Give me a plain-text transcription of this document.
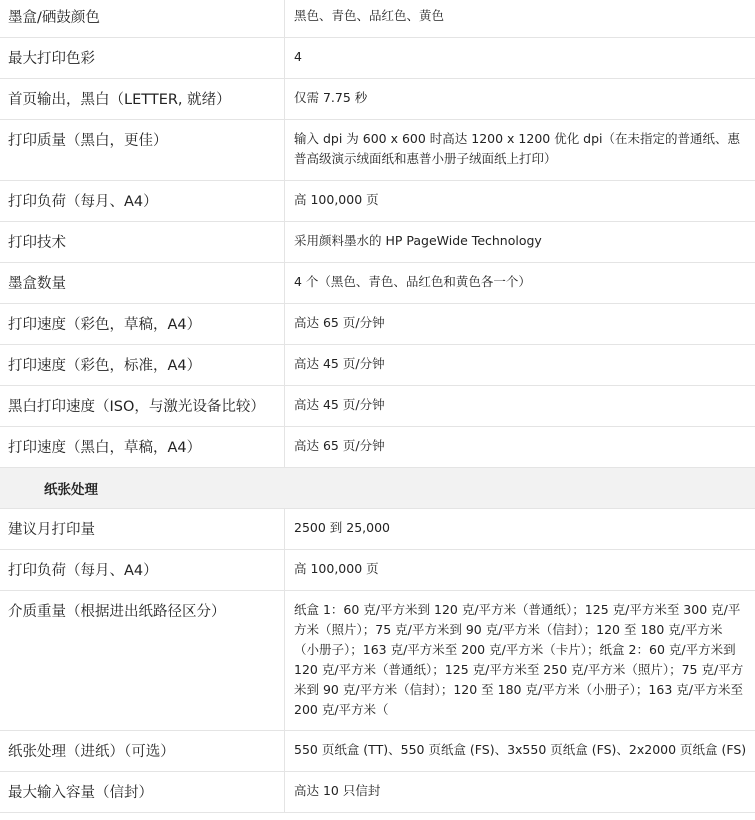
墨盒/硒鼓颜色	黑色、青色、品红色、黄色
最大打印色彩	4
首页输出，黑白（LETTER, 就绪）	仅需 7.75 秒
打印质量（黑白，更佳）	输入 dpi 为 600 x 600 时高达 1200 x 1200 优化 dpi（在未指定的普通纸、惠普高级演示绒面纸和惠普小册子绒面纸上打印）
打印负荷（每月、A4）	高 100,000 页
打印技术	采用颜料墨水的 HP PageWide Technology
墨盒数量	4 个（黑色、青色、品红色和黄色各一个）
打印速度（彩色，草稿，A4）	高达 65 页/分钟
打印速度（彩色，标准，A4）	高达 45 页/分钟
黑白打印速度（ISO，与激光设备比较）	高达 45 页/分钟
打印速度（黑白，草稿，A4）	高达 65 页/分钟
纸张处理
建议月打印量	2500 到 25,000
打印负荷（每月、A4）	高 100,000 页
介质重量（根据进出纸路径区分）	纸盒 1：60 克/平方米到 120 克/平方米（普通纸）；125 克/平方米至 300 克/平方米（照片）；75 克/平方米到 90 克/平方米（信封）；120 至 180 克/平方米（小册子）；163 克/平方米至 200 克/平方米（卡片）；纸盒 2：60 克/平方米到 120 克/平方米（普通纸）；125 克/平方米至 250 克/平方米（照片）；75 克/平方米到 90 克/平方米（信封）；120 至 180 克/平方米（小册子）；163 克/平方米至 200 克/平方米（
纸张处理（进纸）（可选）	550 页纸盒 (TT)、550 页纸盒 (FS)、3x550 页纸盒 (FS)、2x2000 页纸盒 (FS)
最大输入容量（信封）	高达 10 只信封
